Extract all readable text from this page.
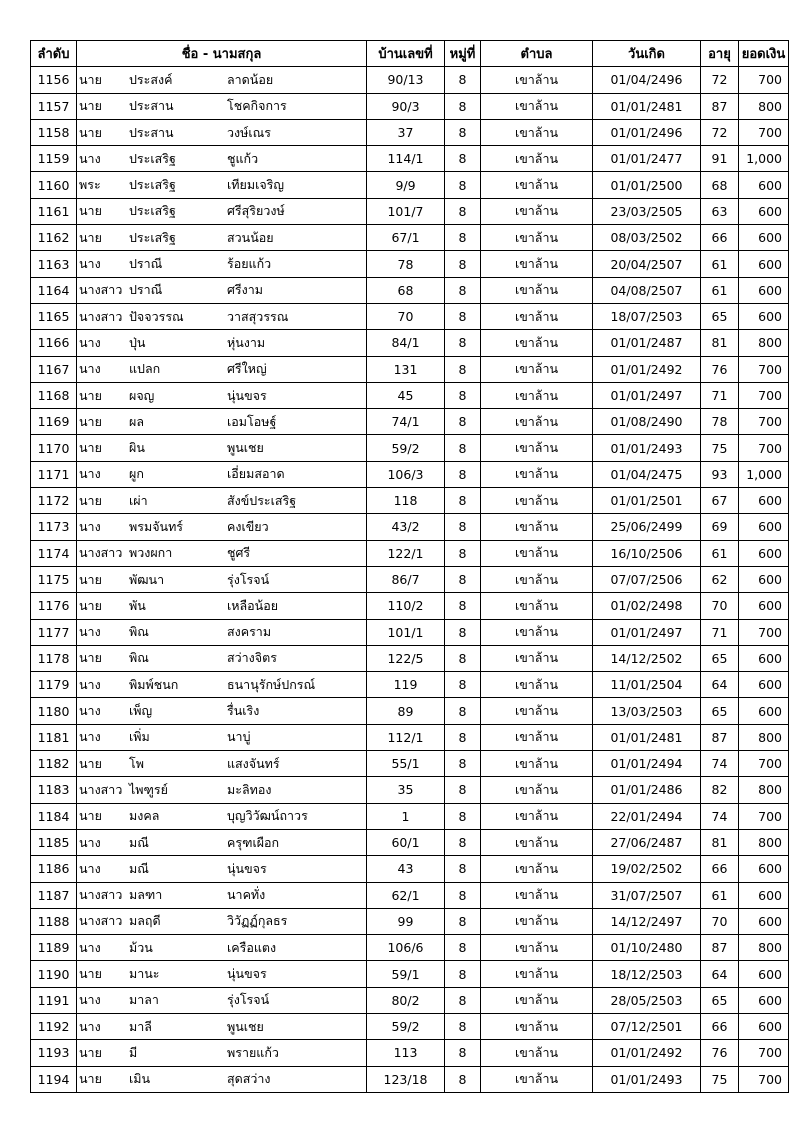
ลำดับ	ชื่อ - นามสกุล	บ้านเลขที่	หมู่ที่	ตำบล	วันเกิด	อายุ	ยอดเงิน
1156	นาย ประสงค์ ลาดน้อย	90/13	8	เขาล้าน	01/04/2496	72	700
1157	นาย ประสาน โชคกิจการ	90/3	8	เขาล้าน	01/01/2481	87	800
1158	นาย ประสาน วงษ์เณร	37	8	เขาล้าน	01/01/2496	72	700
1159	นาง ประเสริฐ ชูแก้ว	114/1	8	เขาล้าน	01/01/2477	91	1,000
1160	พระ ประเสริฐ เทียมเจริญ	9/9	8	เขาล้าน	01/01/2500	68	600
1161	นาย ประเสริฐ ศรีสุริยวงษ์	101/7	8	เขาล้าน	23/03/2505	63	600
1162	นาย ประเสริฐ สวนน้อย	67/1	8	เขาล้าน	08/03/2502	66	600
1163	นาง ปราณี ร้อยแก้ว	78	8	เขาล้าน	20/04/2507	61	600
1164	นางสาว ปราณี ศรีงาม	68	8	เขาล้าน	04/08/2507	61	600
1165	นางสาว ปัจจวรรณ วาสสุวรรณ	70	8	เขาล้าน	18/07/2503	65	600
1166	นาง ปุ่น หุ่นงาม	84/1	8	เขาล้าน	01/01/2487	81	800
1167	นาง แปลก ศรีใหญ่	131	8	เขาล้าน	01/01/2492	76	700
1168	นาย ผจญ นุ่นขจร	45	8	เขาล้าน	01/01/2497	71	700
1169	นาย ผล เอมโอษฐ์	74/1	8	เขาล้าน	01/08/2490	78	700
1170	นาย ผิน พูนเชย	59/2	8	เขาล้าน	01/01/2493	75	700
1171	นาง ผูก เอี่ยมสอาด	106/3	8	เขาล้าน	01/04/2475	93	1,000
1172	นาย เผ่า สังข์ประเสริฐ	118	8	เขาล้าน	01/01/2501	67	600
1173	นาง พรมจันทร์ คงเขียว	43/2	8	เขาล้าน	25/06/2499	69	600
1174	นางสาว พวงผกา ชูศรี	122/1	8	เขาล้าน	16/10/2506	61	600
1175	นาย พัฒนา รุ่งโรจน์	86/7	8	เขาล้าน	07/07/2506	62	600
1176	นาย พัน เหลือน้อย	110/2	8	เขาล้าน	01/02/2498	70	600
1177	นาง พิณ สงคราม	101/1	8	เขาล้าน	01/01/2497	71	700
1178	นาย พิณ สว่างจิตร	122/5	8	เขาล้าน	14/12/2502	65	600
1179	นาง พิมพ์ชนก ธนานุรักษ์ปกรณ์	119	8	เขาล้าน	11/01/2504	64	600
1180	นาง เพ็ญ รื่นเริง	89	8	เขาล้าน	13/03/2503	65	600
1181	นาง เพิ่ม นาบู่	112/1	8	เขาล้าน	01/01/2481	87	800
1182	นาย โพ แสงจันทร์	55/1	8	เขาล้าน	01/01/2494	74	700
1183	นางสาว ไพฑูรย์ มะลิทอง	35	8	เขาล้าน	01/01/2486	82	800
1184	นาย มงคล บุญวิวัฒน์ถาวร	1	8	เขาล้าน	22/01/2494	74	700
1185	นาง มณี ครุฑเผือก	60/1	8	เขาล้าน	27/06/2487	81	800
1186	นาง มณี นุ่นขจร	43	8	เขาล้าน	19/02/2502	66	600
1187	นางสาว มลฑา นาคทั่ง	62/1	8	เขาล้าน	31/07/2507	61	600
1188	นางสาว มลฤดี วิวัฏฏ์กุลธร	99	8	เขาล้าน	14/12/2497	70	600
1189	นาง ม้วน เครือแตง	106/6	8	เขาล้าน	01/10/2480	87	800
1190	นาย มานะ นุ่นขจร	59/1	8	เขาล้าน	18/12/2503	64	600
1191	นาง มาลา รุ่งโรจน์	80/2	8	เขาล้าน	28/05/2503	65	600
1192	นาง มาลี พูนเชย	59/2	8	เขาล้าน	07/12/2501	66	600
1193	นาย มี พรายแก้ว	113	8	เขาล้าน	01/01/2492	76	700
1194	นาย เมิน สุดสว่าง	123/18	8	เขาล้าน	01/01/2493	75	700
